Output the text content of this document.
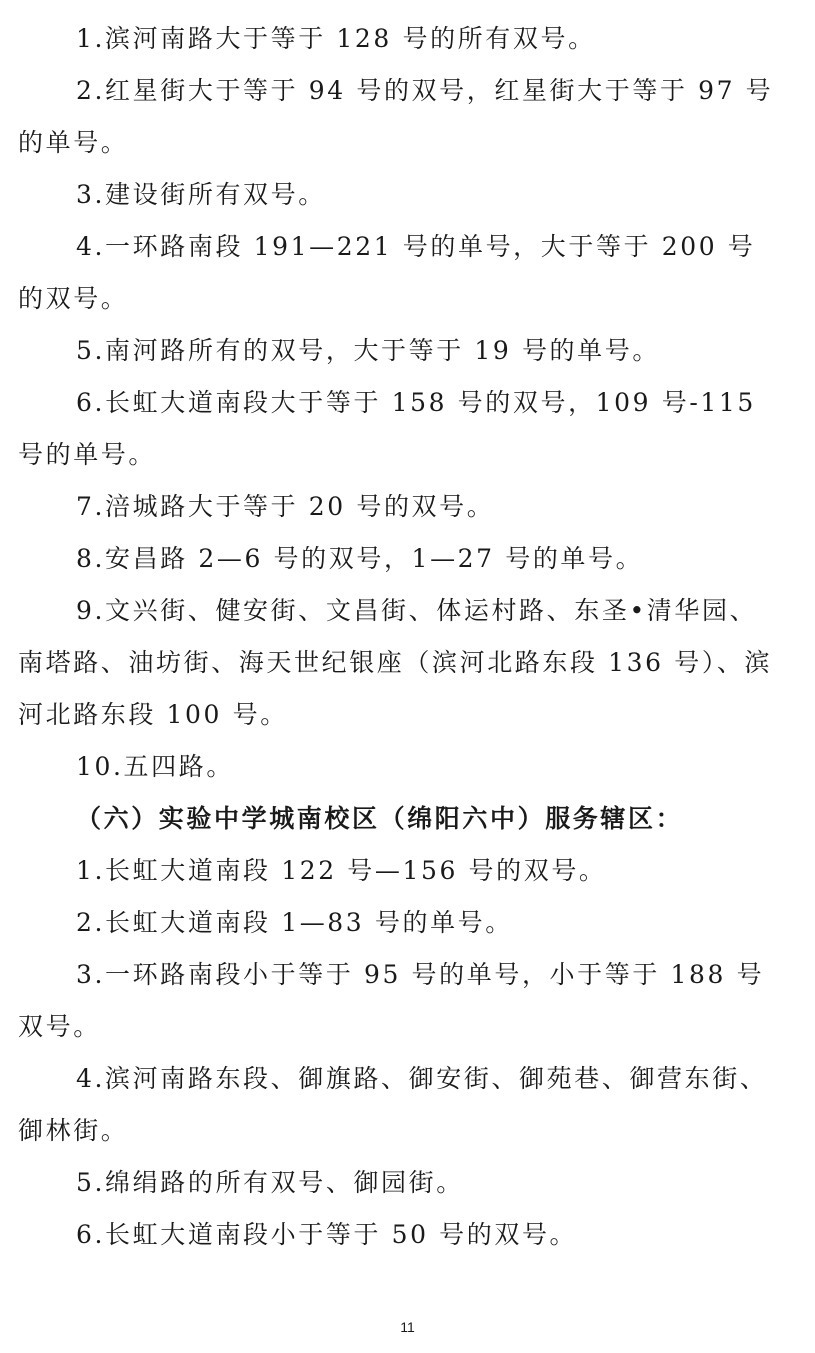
1.滨河南路大于等于 128 号的所有双号。

2.红星街大于等于 94 号的双号，红星街大于等于 97 号的单号。

3.建设街所有双号。

4.一环路南段 191—221 号的单号，大于等于 200 号的双号。

5.南河路所有的双号，大于等于 19 号的单号。

6.长虹大道南段大于等于 158 号的双号，109 号-115 号的单号。

7.涪城路大于等于 20 号的双号。

8.安昌路 2—6 号的双号，1—27 号的单号。

9.文兴街、健安街、文昌街、体运村路、东圣•清华园、南塔路、油坊街、海天世纪银座（滨河北路东段 136 号）、滨河北路东段 100 号。

10.五四路。

（六）实验中学城南校区（绵阳六中）服务辖区：

1.长虹大道南段 122 号—156 号的双号。

2.长虹大道南段 1—83 号的单号。

3.一环路南段小于等于 95 号的单号，小于等于 188 号双号。

4.滨河南路东段、御旗路、御安街、御苑巷、御营东街、御林街。

5.绵绢路的所有双号、御园街。

6.长虹大道南段小于等于 50 号的双号。

11
